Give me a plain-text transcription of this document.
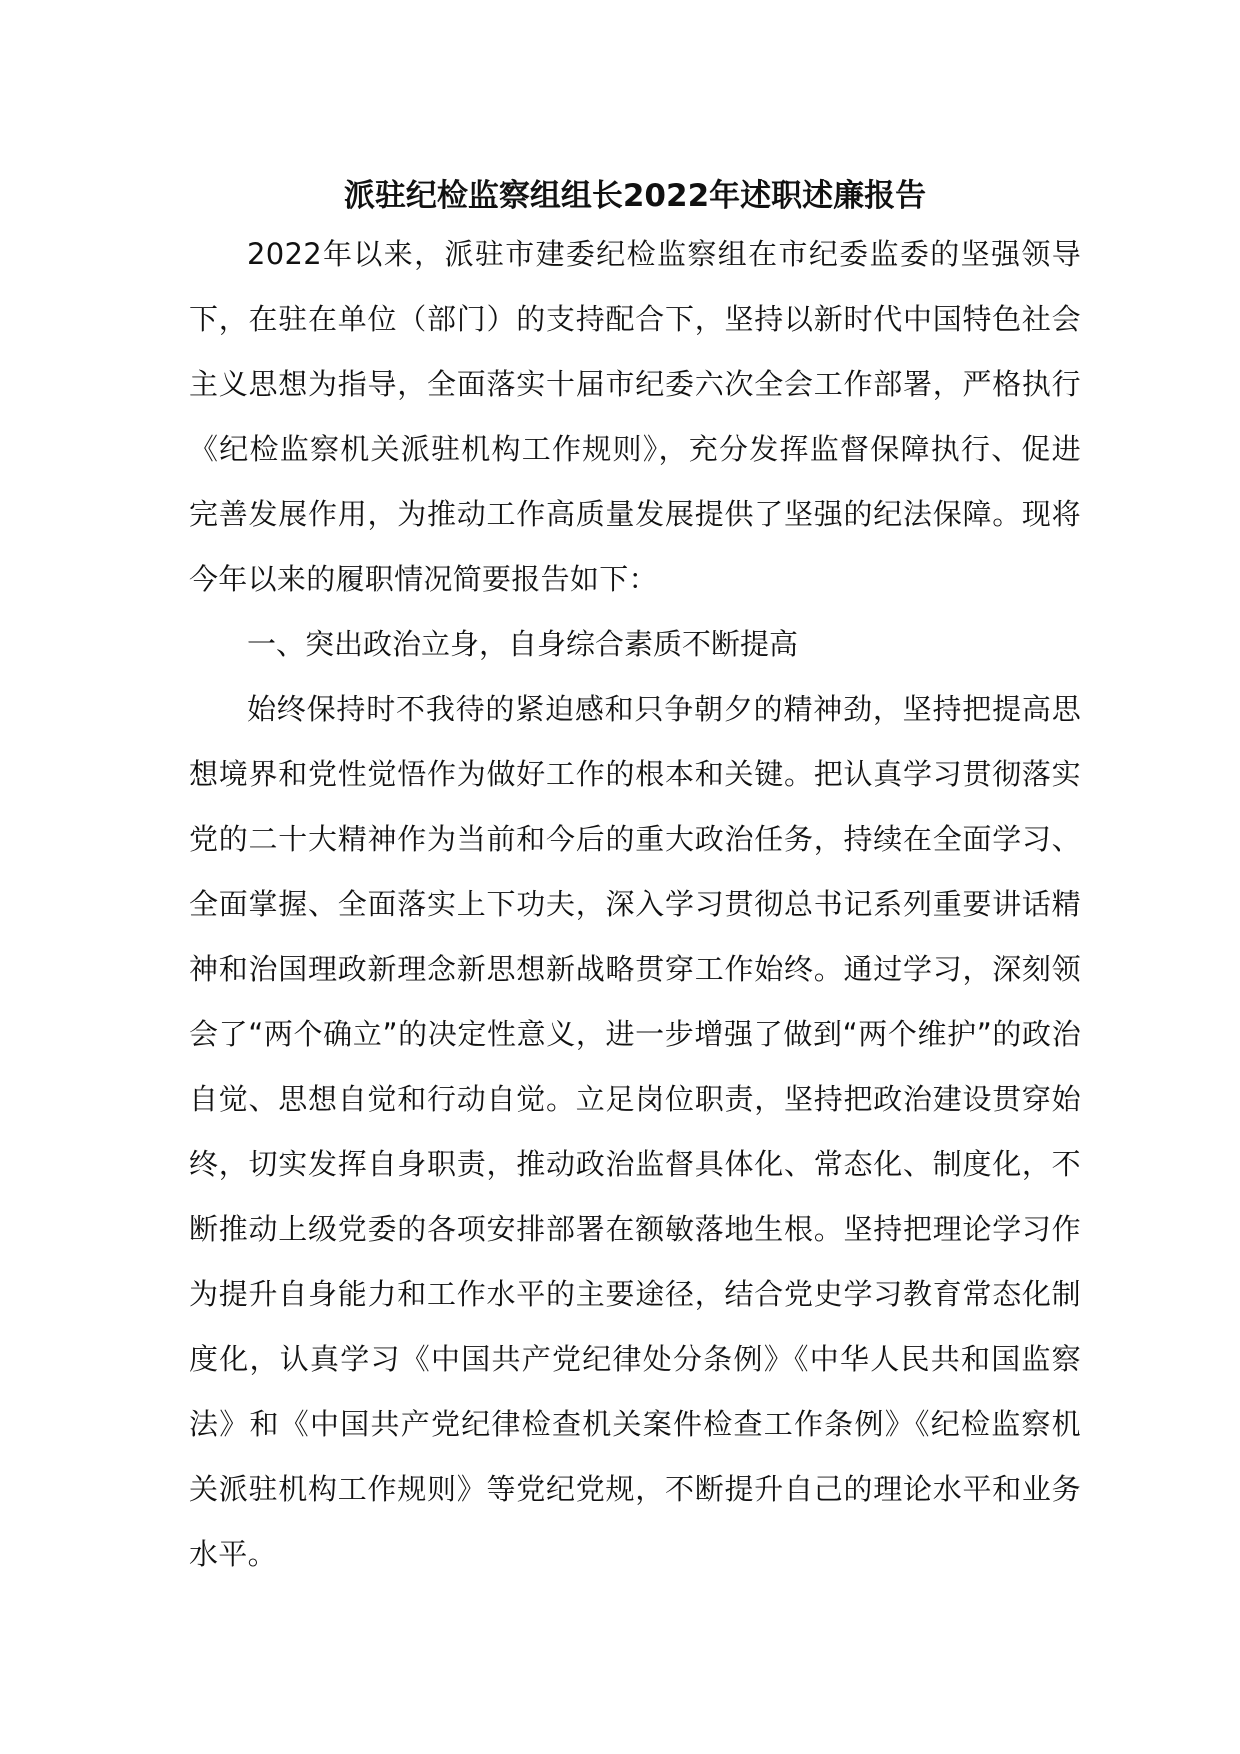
派驻纪检监察组组长2022年述职述廉报告

2022年以来，派驻市建委纪检监察组在市纪委监委的坚强领导下，在驻在单位（部门）的支持配合下，坚持以新时代中国特色社会主义思想为指导，全面落实十届市纪委六次全会工作部署，严格执行《纪检监察机关派驻机构工作规则》，充分发挥监督保障执行、促进完善发展作用，为推动工作高质量发展提供了坚强的纪法保障。现将今年以来的履职情况简要报告如下：

一、突出政治立身，自身综合素质不断提高

始终保持时不我待的紧迫感和只争朝夕的精神劲，坚持把提高思想境界和党性觉悟作为做好工作的根本和关键。把认真学习贯彻落实党的二十大精神作为当前和今后的重大政治任务，持续在全面学习、全面掌握、全面落实上下功夫，深入学习贯彻总书记系列重要讲话精神和治国理政新理念新思想新战略贯穿工作始终。通过学习，深刻领会了“两个确立”的决定性意义，进一步增强了做到“两个维护”的政治自觉、思想自觉和行动自觉。立足岗位职责，坚持把政治建设贯穿始终，切实发挥自身职责，推动政治监督具体化、常态化、制度化，不断推动上级党委的各项安排部署在额敏落地生根。坚持把理论学习作为提升自身能力和工作水平的主要途径，结合党史学习教育常态化制度化，认真学习《中国共产党纪律处分条例》《中华人民共和国监察法》和《中国共产党纪律检查机关案件检查工作条例》《纪检监察机关派驻机构工作规则》等党纪党规，不断提升自己的理论水平和业务水平。
